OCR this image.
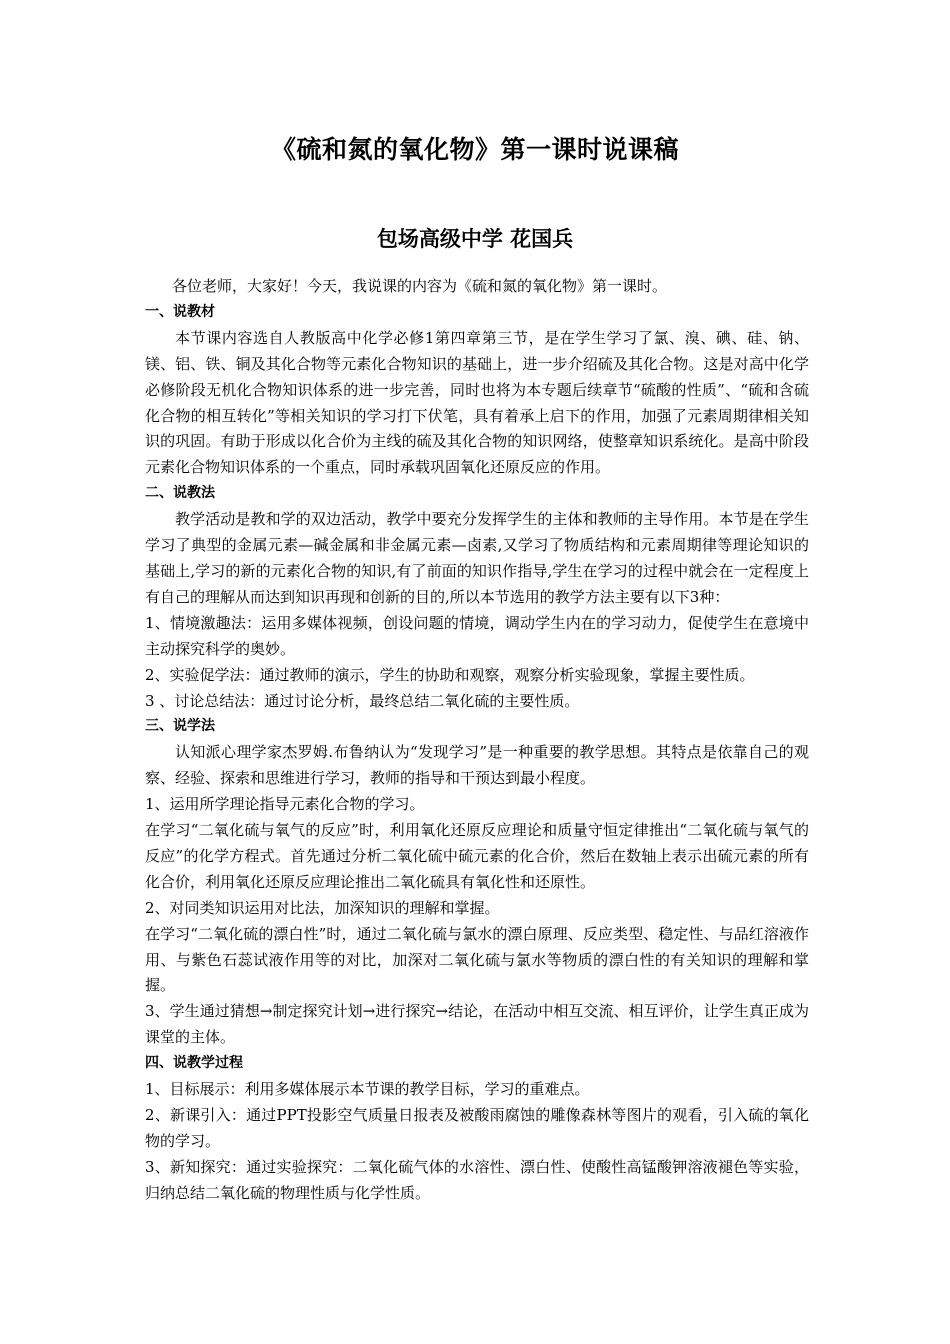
《硫和氮的氧化物》第一课时说课稿
包场高级中学 花国兵

各位老师，大家好！今天，我说课的内容为《硫和氮的氧化物》第一课时。

一、说教材

本节课内容选自人教版高中化学必修1第四章第三节，是在学生学习了氯、溴、碘、硅、钠、镁、铝、铁、铜及其化合物等元素化合物知识的基础上，进一步介绍硫及其化合物。这是对高中化学必修阶段无机化合物知识体系的进一步完善，同时也将为本专题后续章节“硫酸的性质”、“硫和含硫化合物的相互转化”等相关知识的学习打下伏笔，具有着承上启下的作用，加强了元素周期律相关知识的巩固。有助于形成以化合价为主线的硫及其化合物的知识网络，使整章知识系统化。是高中阶段元素化合物知识体系的一个重点，同时承载巩固氧化还原反应的作用。

二、说教法

教学活动是教和学的双边活动，教学中要充分发挥学生的主体和教师的主导作用。本节是在学生学习了典型的金属元素—碱金属和非金属元素—卤素,又学习了物质结构和元素周期律等理论知识的基础上,学习的新的元素化合物的知识,有了前面的知识作指导,学生在学习的过程中就会在一定程度上有自己的理解从而达到知识再现和创新的目的,所以本节选用的教学方法主要有以下3种：

1、情境激趣法：运用多媒体视频，创设问题的情境，调动学生内在的学习动力，促使学生在意境中主动探究科学的奥妙。

2、实验促学法：通过教师的演示，学生的协助和观察，观察分析实验现象，掌握主要性质。

3 、讨论总结法：通过讨论分析，最终总结二氧化硫的主要性质。

三、说学法

认知派心理学家杰罗姆.布鲁纳认为“发现学习”是一种重要的教学思想。其特点是依靠自己的观察、经验、探索和思维进行学习，教师的指导和干预达到最小程度。

1、运用所学理论指导元素化合物的学习。

在学习“二氧化硫与氧气的反应”时，利用氧化还原反应理论和质量守恒定律推出“二氧化硫与氧气的反应”的化学方程式。首先通过分析二氧化硫中硫元素的化合价，然后在数轴上表示出硫元素的所有化合价，利用氧化还原反应理论推出二氧化硫具有氧化性和还原性。

2、对同类知识运用对比法，加深知识的理解和掌握。

在学习“二氧化硫的漂白性”时，通过二氧化硫与氯水的漂白原理、反应类型、稳定性、与品红溶液作用、与紫色石蕊试液作用等的对比，加深对二氧化硫与氯水等物质的漂白性的有关知识的理解和掌握。

3、学生通过猜想→制定探究计划→进行探究→结论，在活动中相互交流、相互评价，让学生真正成为课堂的主体。

四、说教学过程

1、目标展示：利用多媒体展示本节课的教学目标，学习的重难点。

2、新课引入：通过PPT投影空气质量日报表及被酸雨腐蚀的雕像森林等图片的观看，引入硫的氧化物的学习。

3、新知探究：通过实验探究：二氧化硫气体的水溶性、漂白性、使酸性高锰酸钾溶液褪色等实验，归纳总结二氧化硫的物理性质与化学性质。
